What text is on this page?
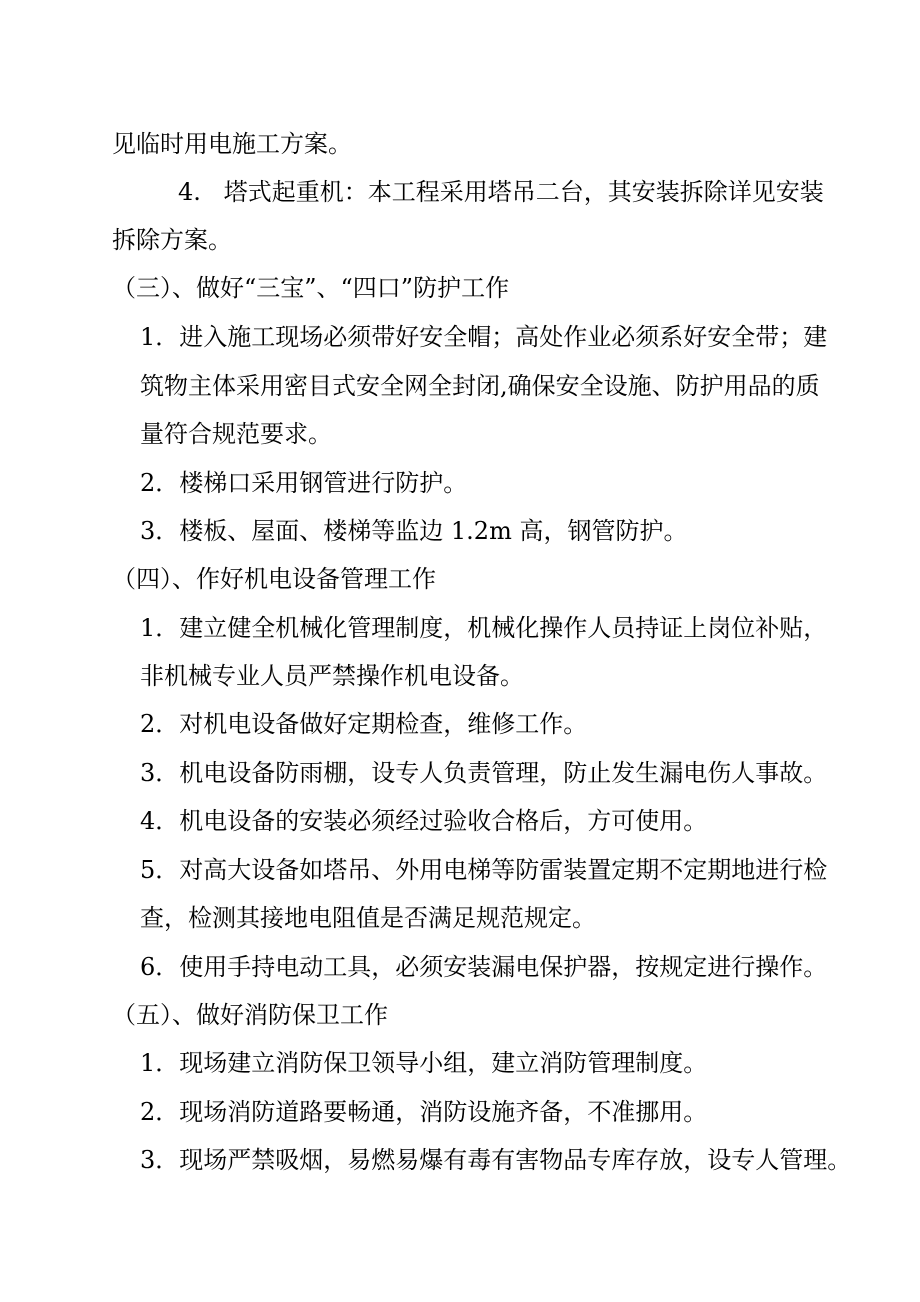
见临时用电施工方案。
4.   塔式起重机：本工程采用塔吊二台，其安装拆除详见安装
拆除方案。
（三）、做好“三宝”、“四口”防护工作
1．进入施工现场必须带好安全帽；高处作业必须系好安全带；建
筑物主体采用密目式安全网全封闭,确保安全设施、防护用品的质
量符合规范要求。
2．楼梯口采用钢管进行防护。
3．楼板、屋面、楼梯等监边 1.2m 高，钢管防护。
（四）、作好机电设备管理工作
1．建立健全机械化管理制度，机械化操作人员持证上岗位补贴，
非机械专业人员严禁操作机电设备。
2．对机电设备做好定期检查，维修工作。
3．机电设备防雨棚，设专人负责管理，防止发生漏电伤人事故。
4．机电设备的安装必须经过验收合格后，方可使用。
5．对高大设备如塔吊、外用电梯等防雷装置定期不定期地进行检
查，检测其接地电阻值是否满足规范规定。
6．使用手持电动工具，必须安装漏电保护器，按规定进行操作。
（五）、做好消防保卫工作
1．现场建立消防保卫领导小组，建立消防管理制度。
2．现场消防道路要畅通，消防设施齐备，不准挪用。
3．现场严禁吸烟，易燃易爆有毒有害物品专库存放，设专人管理。
